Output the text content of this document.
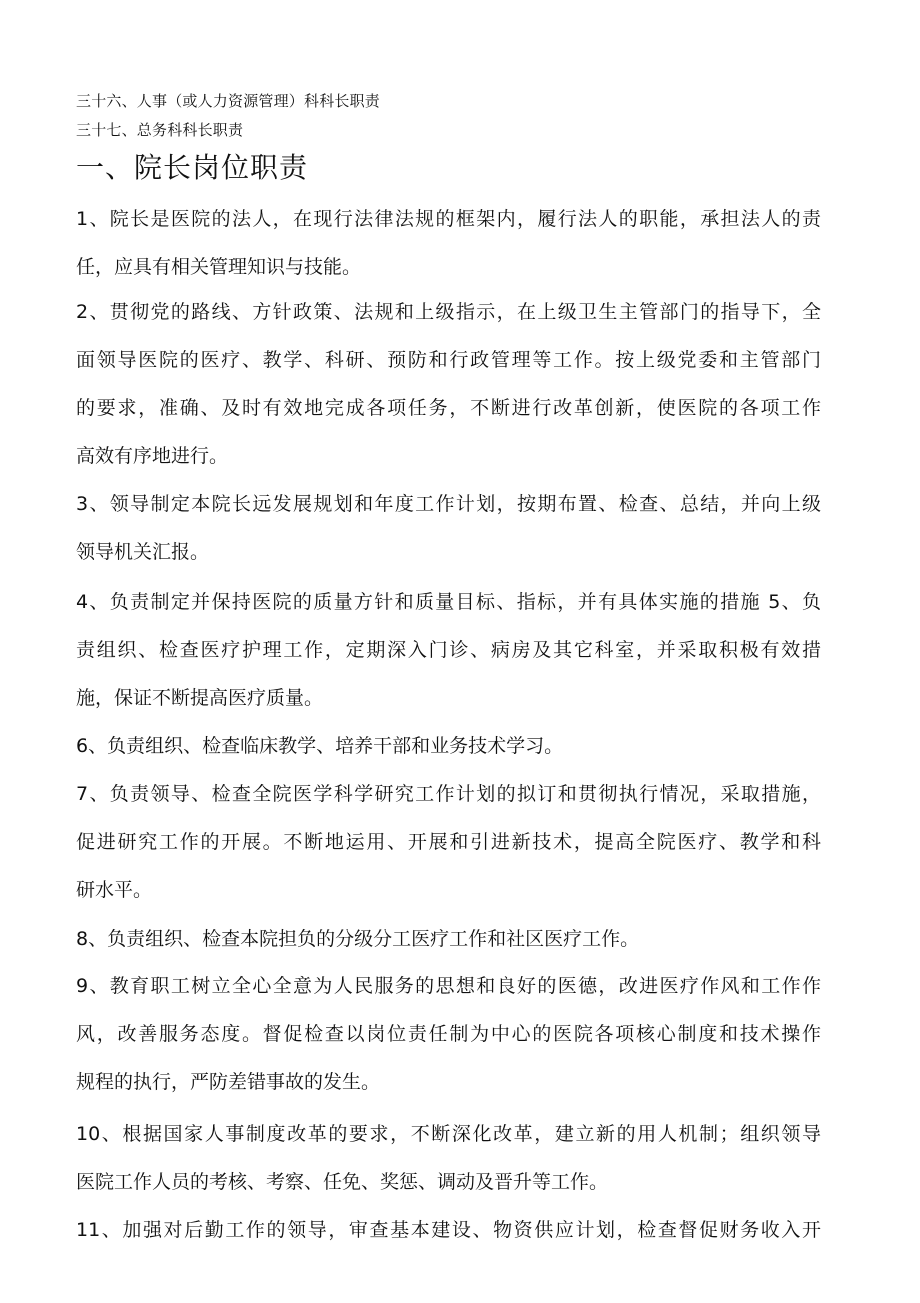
三十六、人事（或人力资源管理）科科长职责
三十七、总务科科长职责
一、院长岗位职责
1、院长是医院的法人，在现行法律法规的框架内，履行法人的职能，承担法人的责
任，应具有相关管理知识与技能。
2、贯彻党的路线、方针政策、法规和上级指示，在上级卫生主管部门的指导下，全
面领导医院的医疗、教学、科研、预防和行政管理等工作。按上级党委和主管部门
的要求，准确、及时有效地完成各项任务，不断进行改革创新，使医院的各项工作
高效有序地进行。
3、领导制定本院长远发展规划和年度工作计划，按期布置、检查、总结，并向上级
领导机关汇报。
4、负责制定并保持医院的质量方针和质量目标、指标，并有具体实施的措施 5、负
责组织、检查医疗护理工作，定期深入门诊、病房及其它科室，并采取积极有效措
施，保证不断提高医疗质量。
6、负责组织、检查临床教学、培养干部和业务技术学习。
7、负责领导、检查全院医学科学研究工作计划的拟订和贯彻执行情况，采取措施，
促进研究工作的开展。不断地运用、开展和引进新技术，提高全院医疗、教学和科
研水平。
8、负责组织、检查本院担负的分级分工医疗工作和社区医疗工作。
9、教育职工树立全心全意为人民服务的思想和良好的医德，改进医疗作风和工作作
风，改善服务态度。督促检查以岗位责任制为中心的医院各项核心制度和技术操作
规程的执行，严防差错事故的发生。
10、根据国家人事制度改革的要求，不断深化改革，建立新的用人机制；组织领导
医院工作人员的考核、考察、任免、奖惩、调动及晋升等工作。
11、加强对后勤工作的领导，审查基本建设、物资供应计划，检查督促财务收入开
